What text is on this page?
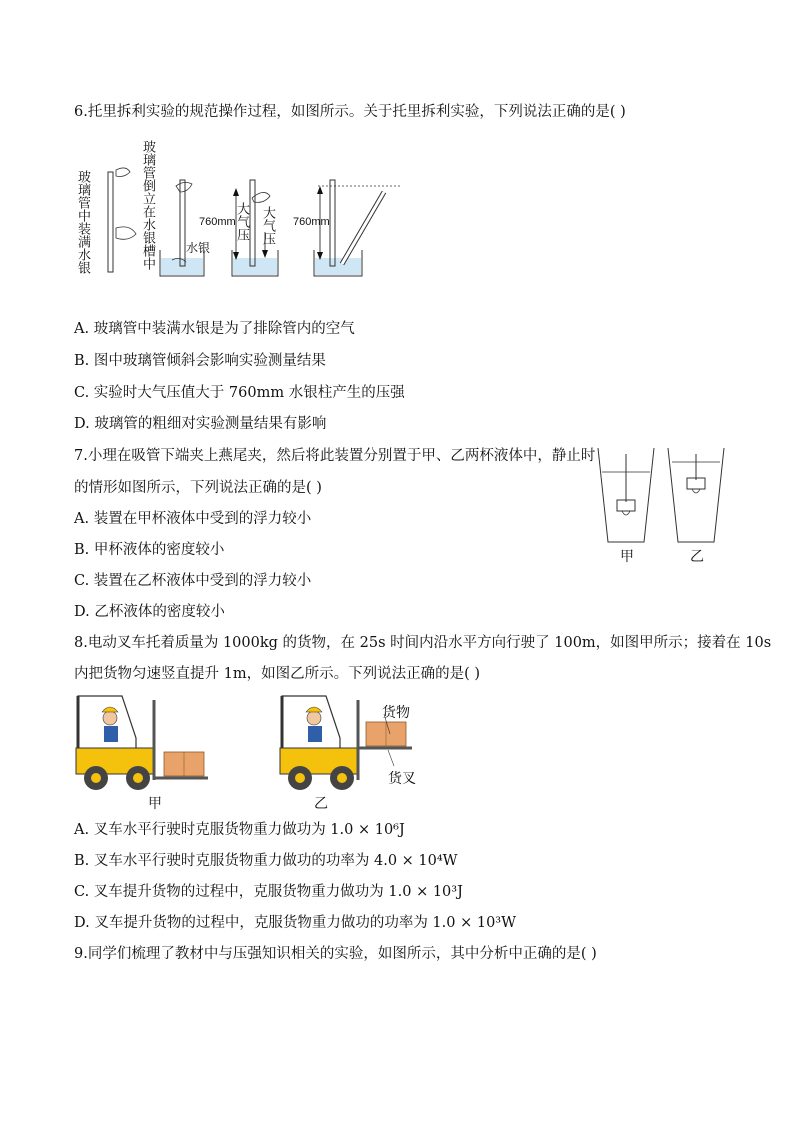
6.托里拆利实验的规范操作过程，如图所示。关于托里拆利实验，下列说法正确的是( )
玻璃管中装满水银	玻璃管倒立在水银槽中	水银
760mm	760mm
大气压 大气压
A. 玻璃管中装满水银是为了排除管内的空气
B. 图中玻璃管倾斜会影响实验测量结果
C. 实验时大气压值大于 760mm 水银柱产生的压强
D. 玻璃管的粗细对实验测量结果有影响
7.小理在吸管下端夹上燕尾夹，然后将此装置分别置于甲、乙两杯液体中，静止时
的情形如图所示，下列说法正确的是( )
A. 装置在甲杯液体中受到的浮力较小
B. 甲杯液体的密度较小
C. 装置在乙杯液体中受到的浮力较小
D. 乙杯液体的密度较小
甲	乙
8.电动叉车托着质量为 1000kg 的货物，在 25s 时间内沿水平方向行驶了 100m，如图甲所示；接着在 10s
内把货物匀速竖直提升 1m，如图乙所示。下列说法正确的是( )
甲	乙
货物
货叉
A. 叉车水平行驶时克服货物重力做功为 1.0 × 10⁶J
B. 叉车水平行驶时克服货物重力做功的功率为 4.0 × 10⁴W
C. 叉车提升货物的过程中，克服货物重力做功为 1.0 × 10³J
D. 叉车提升货物的过程中，克服货物重力做功的功率为 1.0 × 10³W
9.同学们梳理了教材中与压强知识相关的实验，如图所示，其中分析中正确的是( )
